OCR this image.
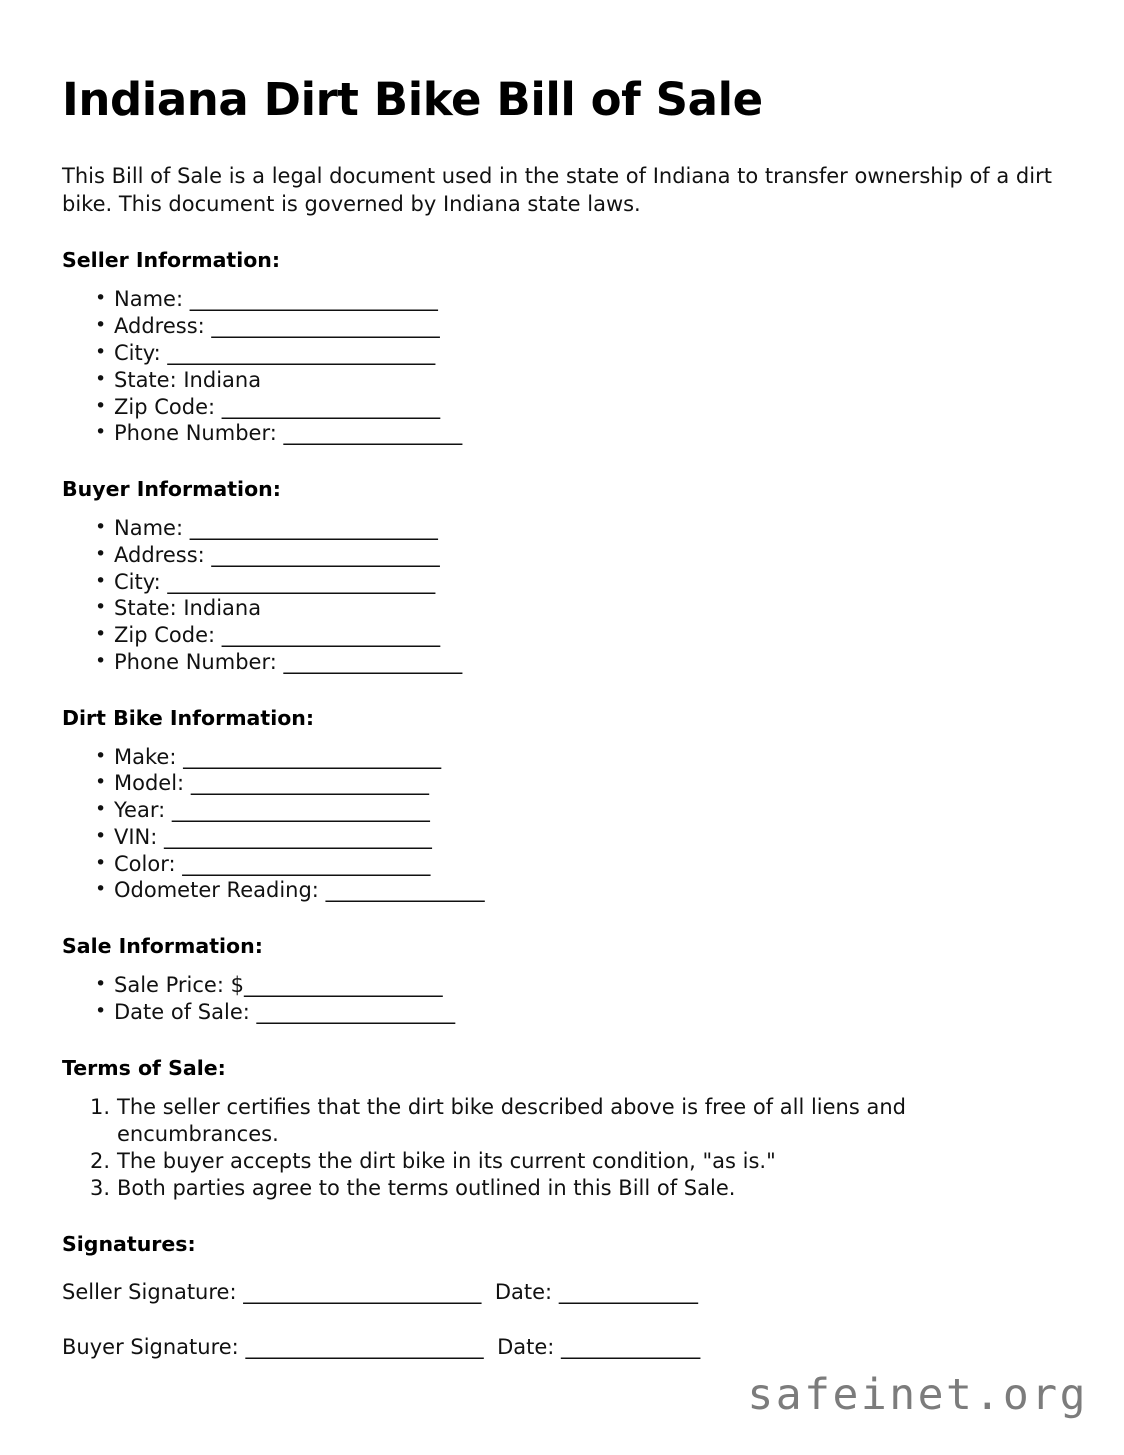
Indiana Dirt Bike Bill of Sale

This Bill of Sale is a legal document used in the state of Indiana to transfer ownership of a dirt bike. This document is governed by Indiana state laws.

Seller Information:
• Name: _________________________
• Address: _______________________
• City: ___________________________
• State: Indiana
• Zip Code: ______________________
• Phone Number: __________________
Buyer Information:
• Name: _________________________
• Address: _______________________
• City: ___________________________
• State: Indiana
• Zip Code: ______________________
• Phone Number: __________________
Dirt Bike Information:
• Make: __________________________
• Model: ________________________
• Year: __________________________
• VIN: ___________________________
• Color: _________________________
• Odometer Reading: ________________
Sale Information:
• Sale Price: $____________________
• Date of Sale: ____________________
Terms of Sale:
The seller certifies that the dirt bike described above is free of all liens and encumbrances.
The buyer accepts the dirt bike in its current condition, "as is."
Both parties agree to the terms outlined in this Bill of Sale.
Signatures:
Seller Signature: ________________________ Date: ______________
Buyer Signature: ________________________ Date: ______________
safeinet.org
